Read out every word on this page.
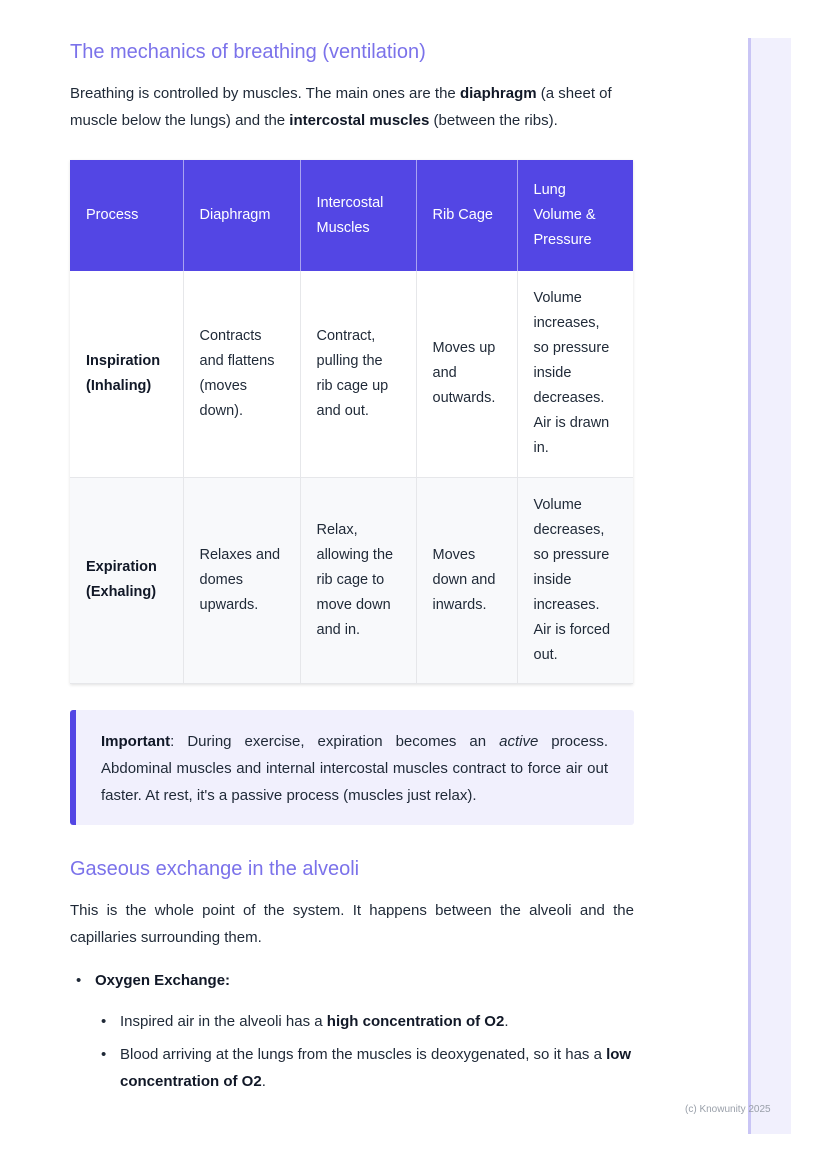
The mechanics of breathing (ventilation)

Breathing is controlled by muscles. The main ones are the diaphragm (a sheet of muscle below the lungs) and the intercostal muscles (between the ribs).

Process	Diaphragm	Intercostal Muscles	Rib Cage	Lung Volume & Pressure
Inspiration (Inhaling)	Contracts and flattens (moves down).	Contract, pulling the rib cage up and out.	Moves up and outwards.	Volume increases, so pressure inside decreases. Air is drawn in.
Expiration (Exhaling)	Relaxes and domes upwards.	Relax, allowing the rib cage to move down and in.	Moves down and inwards.	Volume decreases, so pressure inside increases. Air is forced out.

Important: During exercise, expiration becomes an active process. Abdominal muscles and internal intercostal muscles contract to force air out faster. At rest, it's a passive process (muscles just relax).

Gaseous exchange in the alveoli

This is the whole point of the system. It happens between the alveoli and the capillaries surrounding them.

• Oxygen Exchange:
• Inspired air in the alveoli has a high concentration of O2.
• Blood arriving at the lungs from the muscles is deoxygenated, so it has a low concentration of O2.
(c) Knowunity 2025
